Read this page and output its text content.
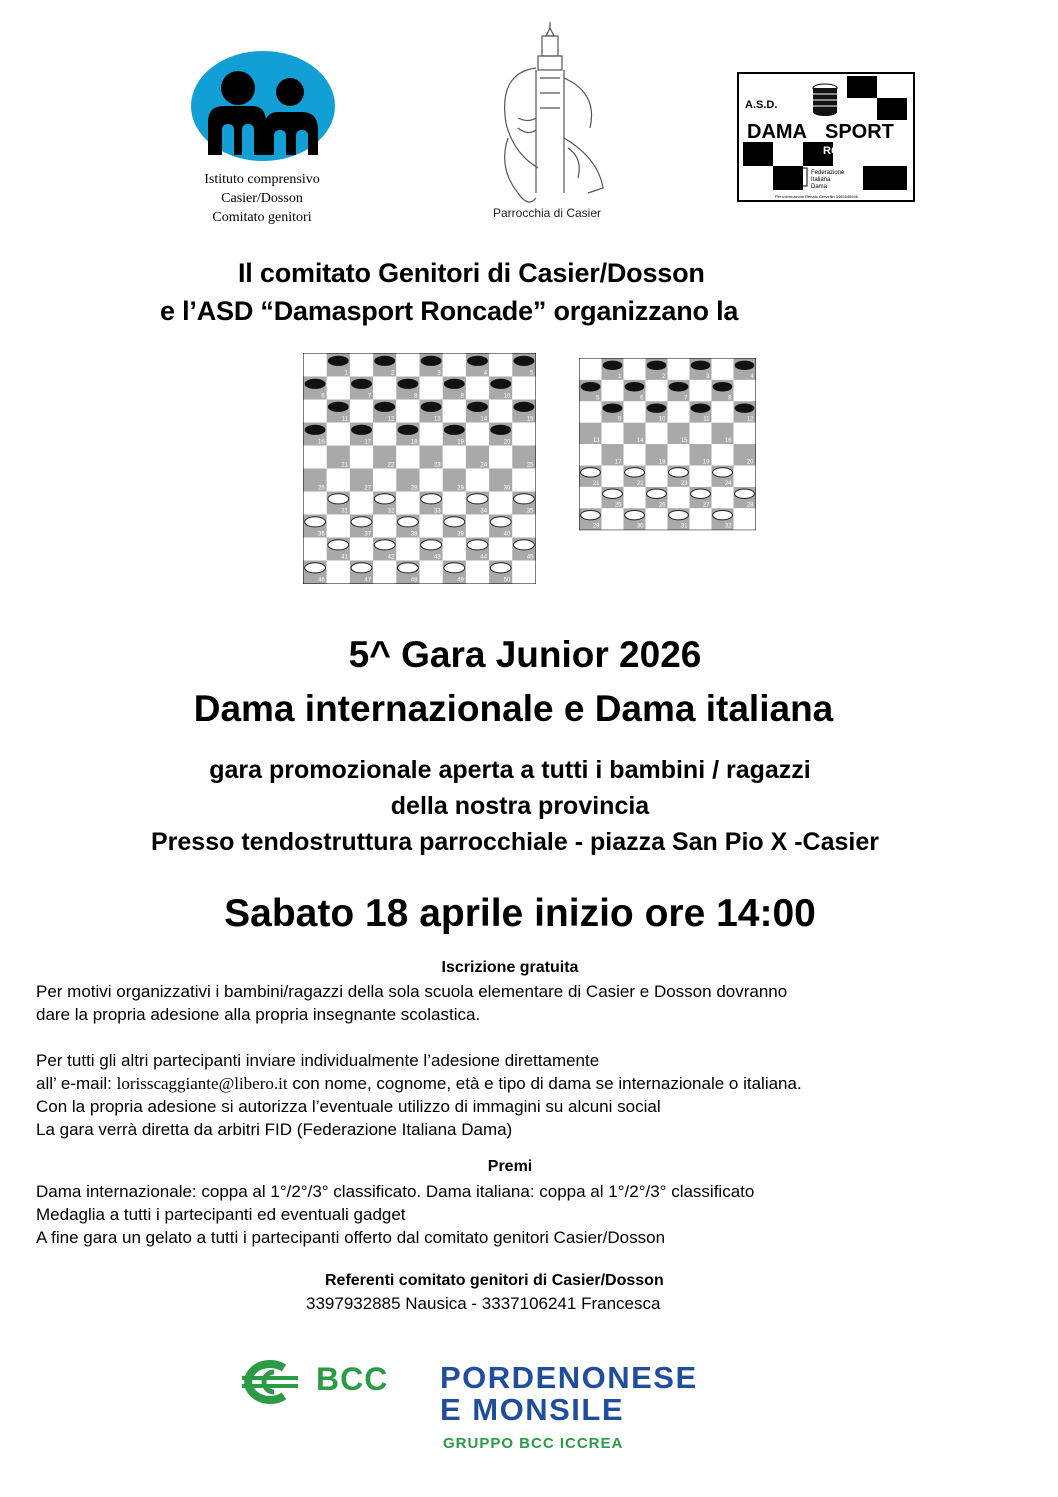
Istituto comprensivo
Casier/Dosson
Comitato genitori	Parrocchia di Casier
A.S.D.
DAMA SPORT
RONCADE
Federazione
Italiana
Dama
Per informazioni Renato Cervellin 3465545946
Il comitato Genitori di Casier/Dosson
e l’ASD “Damasport Roncade” organizzano la
1	2	3	4	5
6	7	8	9	10
11	12	13	14	15
16	17	18	19	20
21	22	23	24	25
26	27	28	29	30
31	32	33	34	35
36	37	38	39	40
41	42	43	44	45
46	47	48	49	50
1	2	3	4
5	6	7	8
9	10	11	12
13	14	15	16
17	18	19	20
21	22	23	24
25	26	27	28
29	30	31	32
5^ Gara Junior 2026
Dama internazionale e Dama italiana
gara promozionale aperta a tutti i bambini / ragazzi
della nostra provincia
Presso tendostruttura parrocchiale - piazza San Pio X -Casier
Sabato 18 aprile inizio ore 14:00
Iscrizione gratuita
Per motivi organizzativi i bambini/ragazzi della sola scuola elementare di Casier e Dosson dovranno
dare la propria adesione alla propria insegnante scolastica.
Per tutti gli altri partecipanti inviare individualmente l’adesione direttamente
all’ e-mail: lorisscaggiante@libero.it con nome, cognome, età e tipo di dama se internazionale o italiana.
Con la propria adesione si autorizza l’eventuale utilizzo di immagini su alcuni social
La gara verrà diretta da arbitri FID (Federazione Italiana Dama)
Premi
Dama internazionale: coppa al 1°/2°/3° classificato. Dama italiana: coppa al 1°/2°/3° classificato
Medaglia a tutti i partecipanti ed eventuali gadget
A fine gara un gelato a tutti i partecipanti offerto dal comitato genitori Casier/Dosson
Referenti comitato genitori di Casier/Dosson
3397932885 Nausica - 3337106241 Francesca
BCC PORDENONESE
E MONSILE
GRUPPO BCC ICCREA
